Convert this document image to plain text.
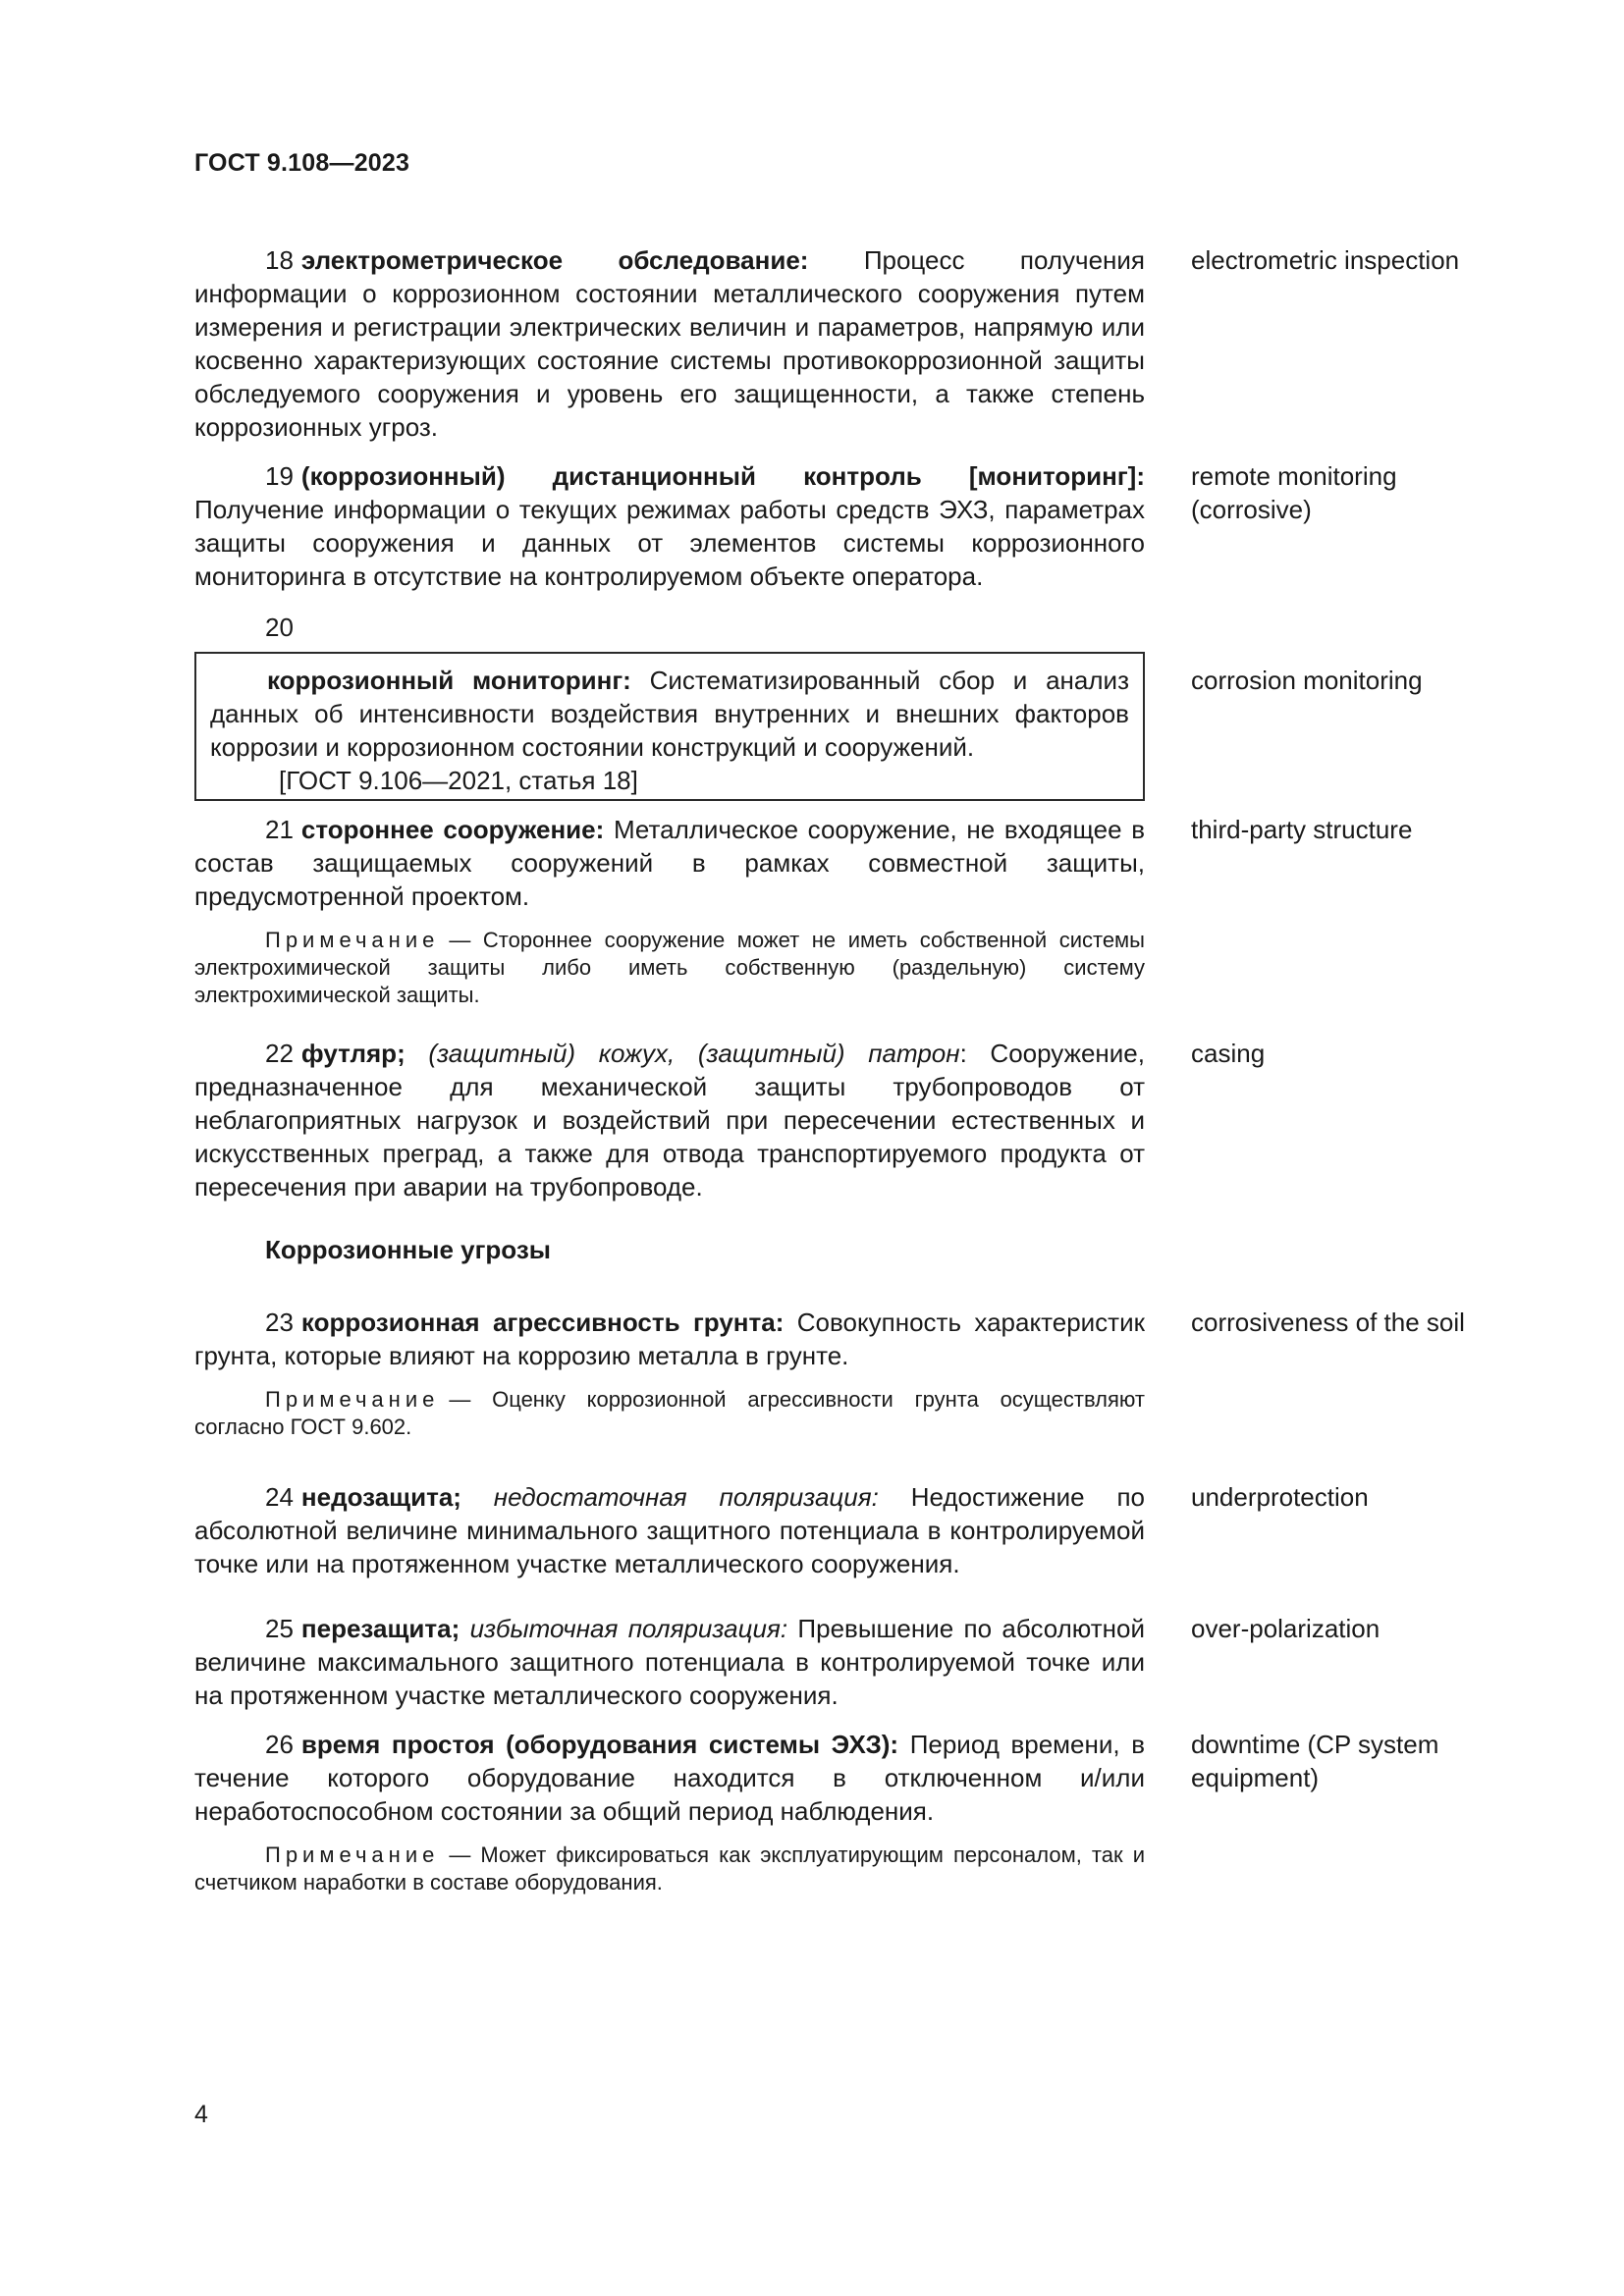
ГОСТ 9.108—2023

18 электрометрическое обследование: Процесс получения информации о коррозионном состоянии металлического сооружения путем измерения и регистрации электрических величин и параметров, напрямую или косвенно характеризующих состояние системы противокоррозионной защиты обследуемого сооружения и уровень его защищенности, а также степень коррозионных угроз.

electrometric inspection

19 (коррозионный) дистанционный контроль [мониторинг]: Получение информации о текущих режимах работы средств ЭХЗ, параметрах защиты сооружения и данных от элементов системы коррозионного мониторинга в отсутствие на контролируемом объекте оператора.

remote monitoring (corrosive)
20

коррозионный мониторинг: Систематизированный сбор и анализ данных об интенсивности воздействия внутренних и внешних факторов коррозии и коррозионном состоянии конструкций и сооружений.

[ГОСТ 9.106—2021, статья 18]

corrosion monitoring

21 стороннее сооружение: Металлическое сооружение, не входящее в состав защищаемых сооружений в рамках совместной защиты, предусмотренной проектом.

Примечание — Стороннее сооружение может не иметь собственной системы электрохимической защиты либо иметь собственную (раздельную) систему электрохимической защиты.

third-party structure

22 футляр; (защитный) кожух, (защитный) патрон: Сооружение, предназначенное для механической защиты трубопроводов от неблагоприятных нагрузок и воздействий при пересечении естественных и искусственных преград, а также для отвода транспортируемого продукта от пересечения при аварии на трубопроводе.

casing
Коррозионные угрозы

23 коррозионная агрессивность грунта: Совокупность характеристик грунта, которые влияют на коррозию металла в грунте.

Примечание — Оценку коррозионной агрессивности грунта осуществляют согласно ГОСТ 9.602.

corrosiveness of the soil

24 недозащита; недостаточная поляризация: Недостижение по абсолютной величине минимального защитного потенциала в контролируемой точке или на протяженном участке металлического сооружения.

underprotection

25 перезащита; избыточная поляризация: Превышение по абсолютной величине максимального защитного потенциала в контролируемой точке или на протяженном участке металлического сооружения.

over-polarization

26 время простоя (оборудования системы ЭХЗ): Период времени, в течение которого оборудование находится в отключенном и/или неработоспособном состоянии за общий период наблюдения.

Примечание — Может фиксироваться как эксплуатирующим персоналом, так и счетчиком наработки в составе оборудования.

downtime (CP system equipment)
4
